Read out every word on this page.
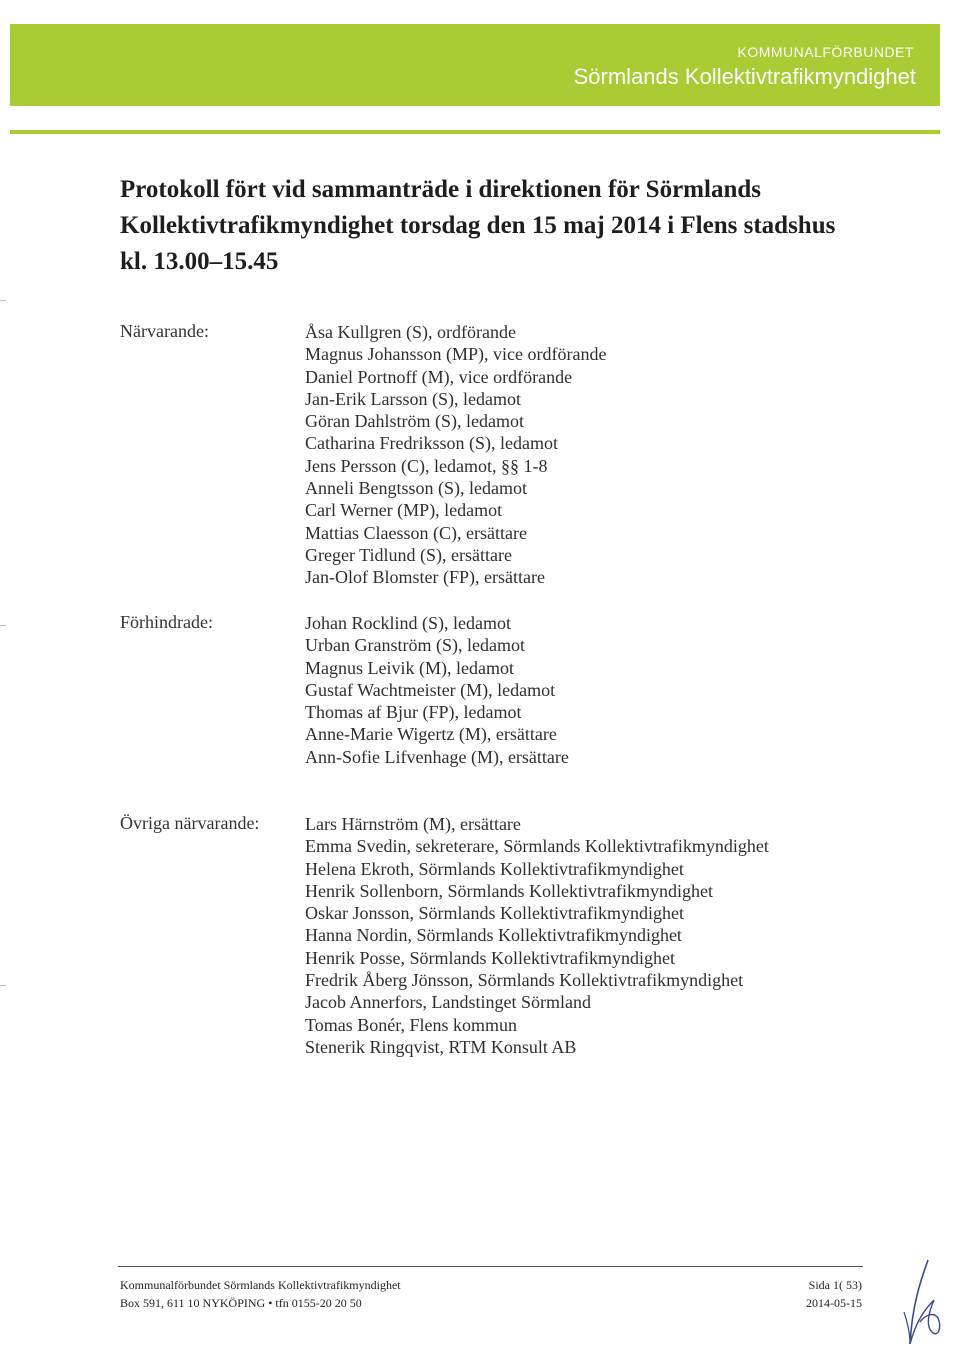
KOMMUNALFÖRBUNDET
Sörmlands Kollektivtrafikmyndighet
Protokoll fört vid sammanträde i direktionen för Sörmlands
Kollektivtrafikmyndighet torsdag den 15 maj 2014 i Flens stadshus
kl. 13.00–15.45
Närvarande:	Åsa Kullgren (S), ordförande
Magnus Johansson (MP), vice ordförande
Daniel Portnoff (M), vice ordförande
Jan-Erik Larsson (S), ledamot
Göran Dahlström (S), ledamot
Catharina Fredriksson (S), ledamot
Jens Persson (C), ledamot, §§ 1-8
Anneli Bengtsson (S), ledamot
Carl Werner (MP), ledamot
Mattias Claesson (C), ersättare
Greger Tidlund (S), ersättare
Jan-Olof Blomster (FP), ersättare
Förhindrade:	Johan Rocklind (S), ledamot
Urban Granström (S), ledamot
Magnus Leivik (M), ledamot
Gustaf Wachtmeister (M), ledamot
Thomas af Bjur (FP), ledamot
Anne-Marie Wigertz (M), ersättare
Ann-Sofie Lifvenhage (M), ersättare
Övriga närvarande:	Lars Härnström (M), ersättare
Emma Svedin, sekreterare, Sörmlands Kollektivtrafikmyndighet
Helena Ekroth, Sörmlands Kollektivtrafikmyndighet
Henrik Sollenborn, Sörmlands Kollektivtrafikmyndighet
Oskar Jonsson, Sörmlands Kollektivtrafikmyndighet
Hanna Nordin, Sörmlands Kollektivtrafikmyndighet
Henrik Posse, Sörmlands Kollektivtrafikmyndighet
Fredrik Åberg Jönsson, Sörmlands Kollektivtrafikmyndighet
Jacob Annerfors, Landstinget Sörmland
Tomas Bonér, Flens kommun
Stenerik Ringqvist, RTM Konsult AB
Kommunalförbundet Sörmlands Kollektivtrafikmyndighet
Box 591, 611 10 NYKÖPING • tfn 0155-20 20 50
Sida 1( 53)
2014-05-15
